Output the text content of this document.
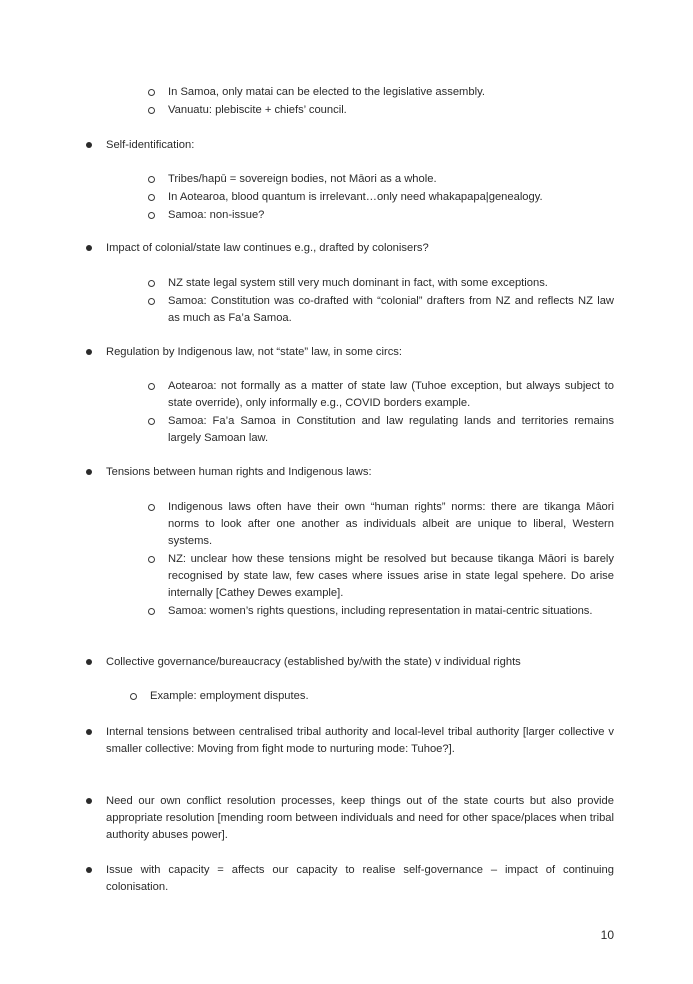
In Samoa, only matai can be elected to the legislative assembly.
Vanuatu: plebiscite + chiefs’ council.
Self-identification:
Tribes/hapū = sovereign bodies, not Māori as a whole.
In Aotearoa, blood quantum is irrelevant…only need whakapapa|genealogy.
Samoa: non-issue?
Impact of colonial/state law continues e.g., drafted by colonisers?
NZ state legal system still very much dominant in fact, with some exceptions.
Samoa: Constitution was co-drafted with “colonial” drafters from NZ and reflects NZ law as much as Fa’a Samoa.
Regulation by Indigenous law, not “state” law, in some circs:
Aotearoa: not formally as a matter of state law (Tuhoe exception, but always subject to state override), only informally e.g., COVID borders example.
Samoa: Fa’a Samoa in Constitution and law regulating lands and territories remains largely Samoan law.
Tensions between human rights and Indigenous laws:
Indigenous laws often have their own “human rights” norms: there are tikanga Māori norms to look after one another as individuals albeit are unique to liberal, Western systems.
NZ: unclear how these tensions might be resolved but because tikanga Māori is barely recognised by state law, few cases where issues arise in state legal spehere. Do arise internally [Cathey Dewes example].
Samoa: women’s rights questions, including representation in matai-centric situations.
Collective governance/bureaucracy (established by/with the state) v individual rights
Example: employment disputes.
Internal tensions between centralised tribal authority and local-level tribal authority [larger collective v smaller collective: Moving from fight mode to nurturing mode: Tuhoe?].
Need our own conflict resolution processes, keep things out of the state courts but also provide appropriate resolution [mending room between individuals and need for other space/places when tribal authority abuses power].
Issue with capacity = affects our capacity to realise self-governance – impact of continuing colonisation.
10
